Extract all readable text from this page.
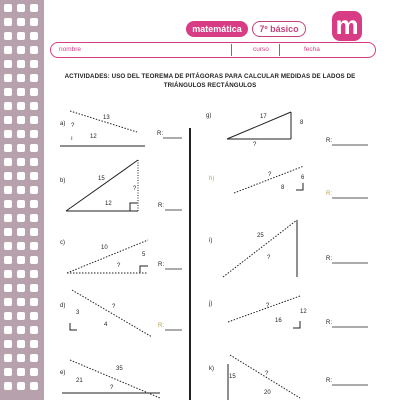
matemática	7º básico m
nombre	curso	fecha
ACTIVIDADES: USO DEL TEOREMA DE PITÁGORAS PARA CALCULAR MEDIDAS DE LADOS DE
TRIÁNGULOS RECTÁNGULOS
a)
13
?
12	R:
ı
b)	15
?
12	R:
c)
10
5
?	R:
d)	?
3
4	R:
e)
35
21
?
g)	17
8
?
R:
h)
?	6
8
R:
i)
25
?	R:
j)	?
12
16	R:
k)
?
15
20
R:
